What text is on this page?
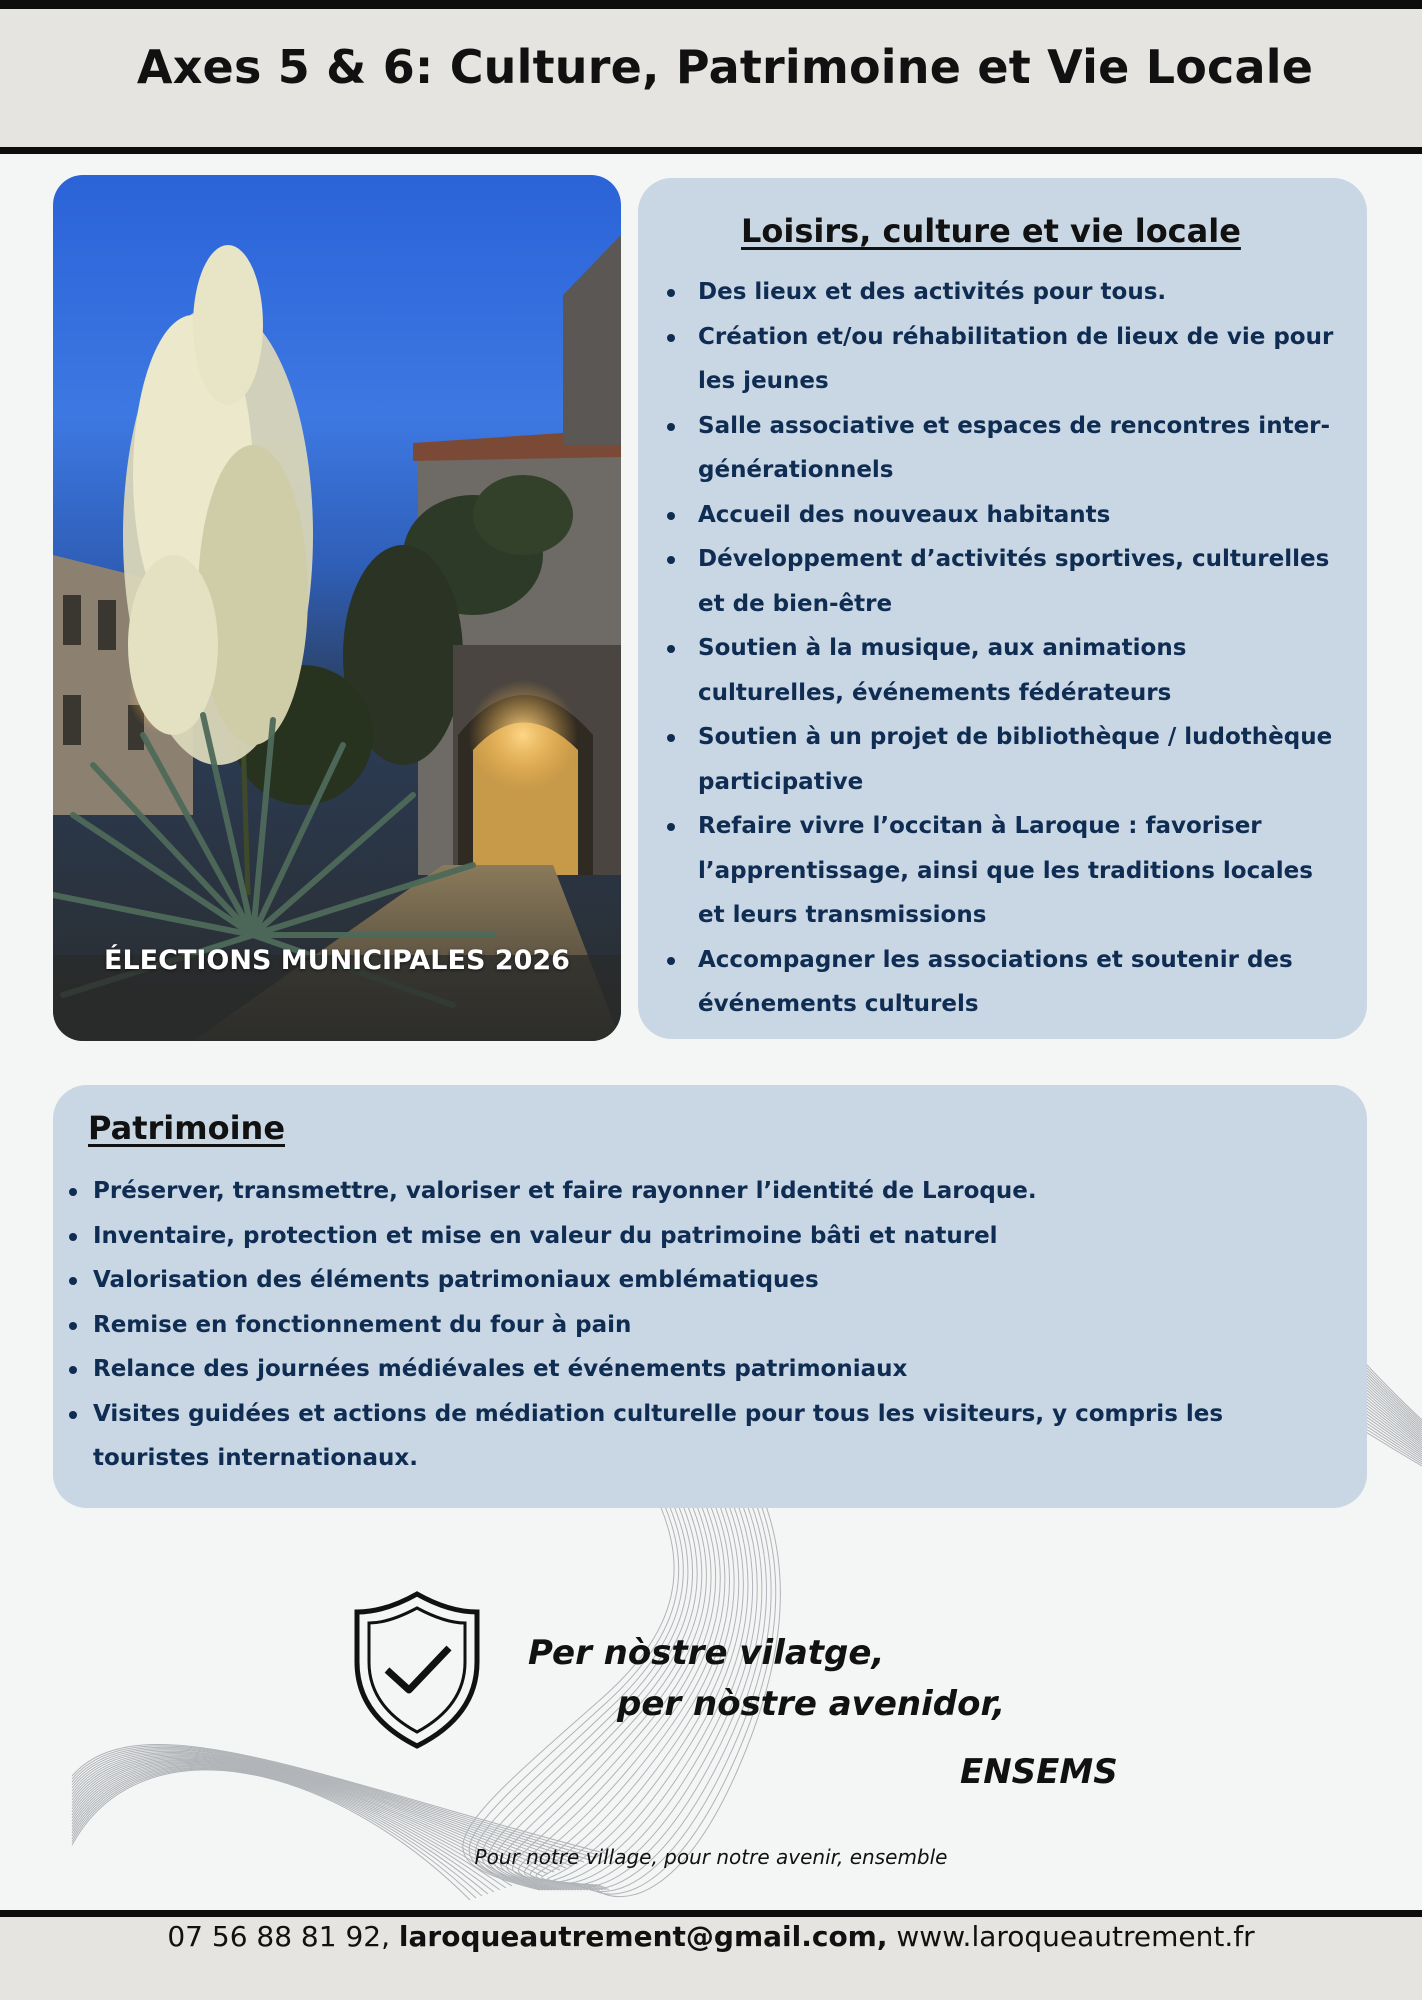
Axes 5 & 6: Culture, Patrimoine et Vie Locale
ÉLECTIONS MUNICIPALES 2026
Loisirs, culture et vie locale
Des lieux et des activités pour tous.
Création et/ou réhabilitation de lieux de vie pour les jeunes
Salle associative et espaces de rencontres inter-générationnels
Accueil des nouveaux habitants
Développement d’activités sportives, culturelles et de bien-être
Soutien à la musique, aux animations culturelles, événements fédérateurs
Soutien à un projet de bibliothèque / ludothèque participative
Refaire vivre l’occitan à Laroque : favoriser l’apprentissage, ainsi que les traditions locales et leurs transmissions
Accompagner les associations et soutenir des événements culturels
Patrimoine
Préserver, transmettre, valoriser et faire rayonner l’identité de Laroque.
Inventaire, protection et mise en valeur du patrimoine bâti et naturel
Valorisation des éléments patrimoniaux emblématiques
Remise en fonctionnement du four à pain
Relance des journées médiévales et événements patrimoniaux
Visites guidées et actions de médiation culturelle pour tous les visiteurs, y compris les touristes internationaux.

Per nòstre vilatge,

per nòstre avenidor,

ENSEMS

Pour notre village, pour notre avenir, ensemble
07 56 88 81 92, laroqueautrement@gmail.com, www.laroqueautrement.fr
